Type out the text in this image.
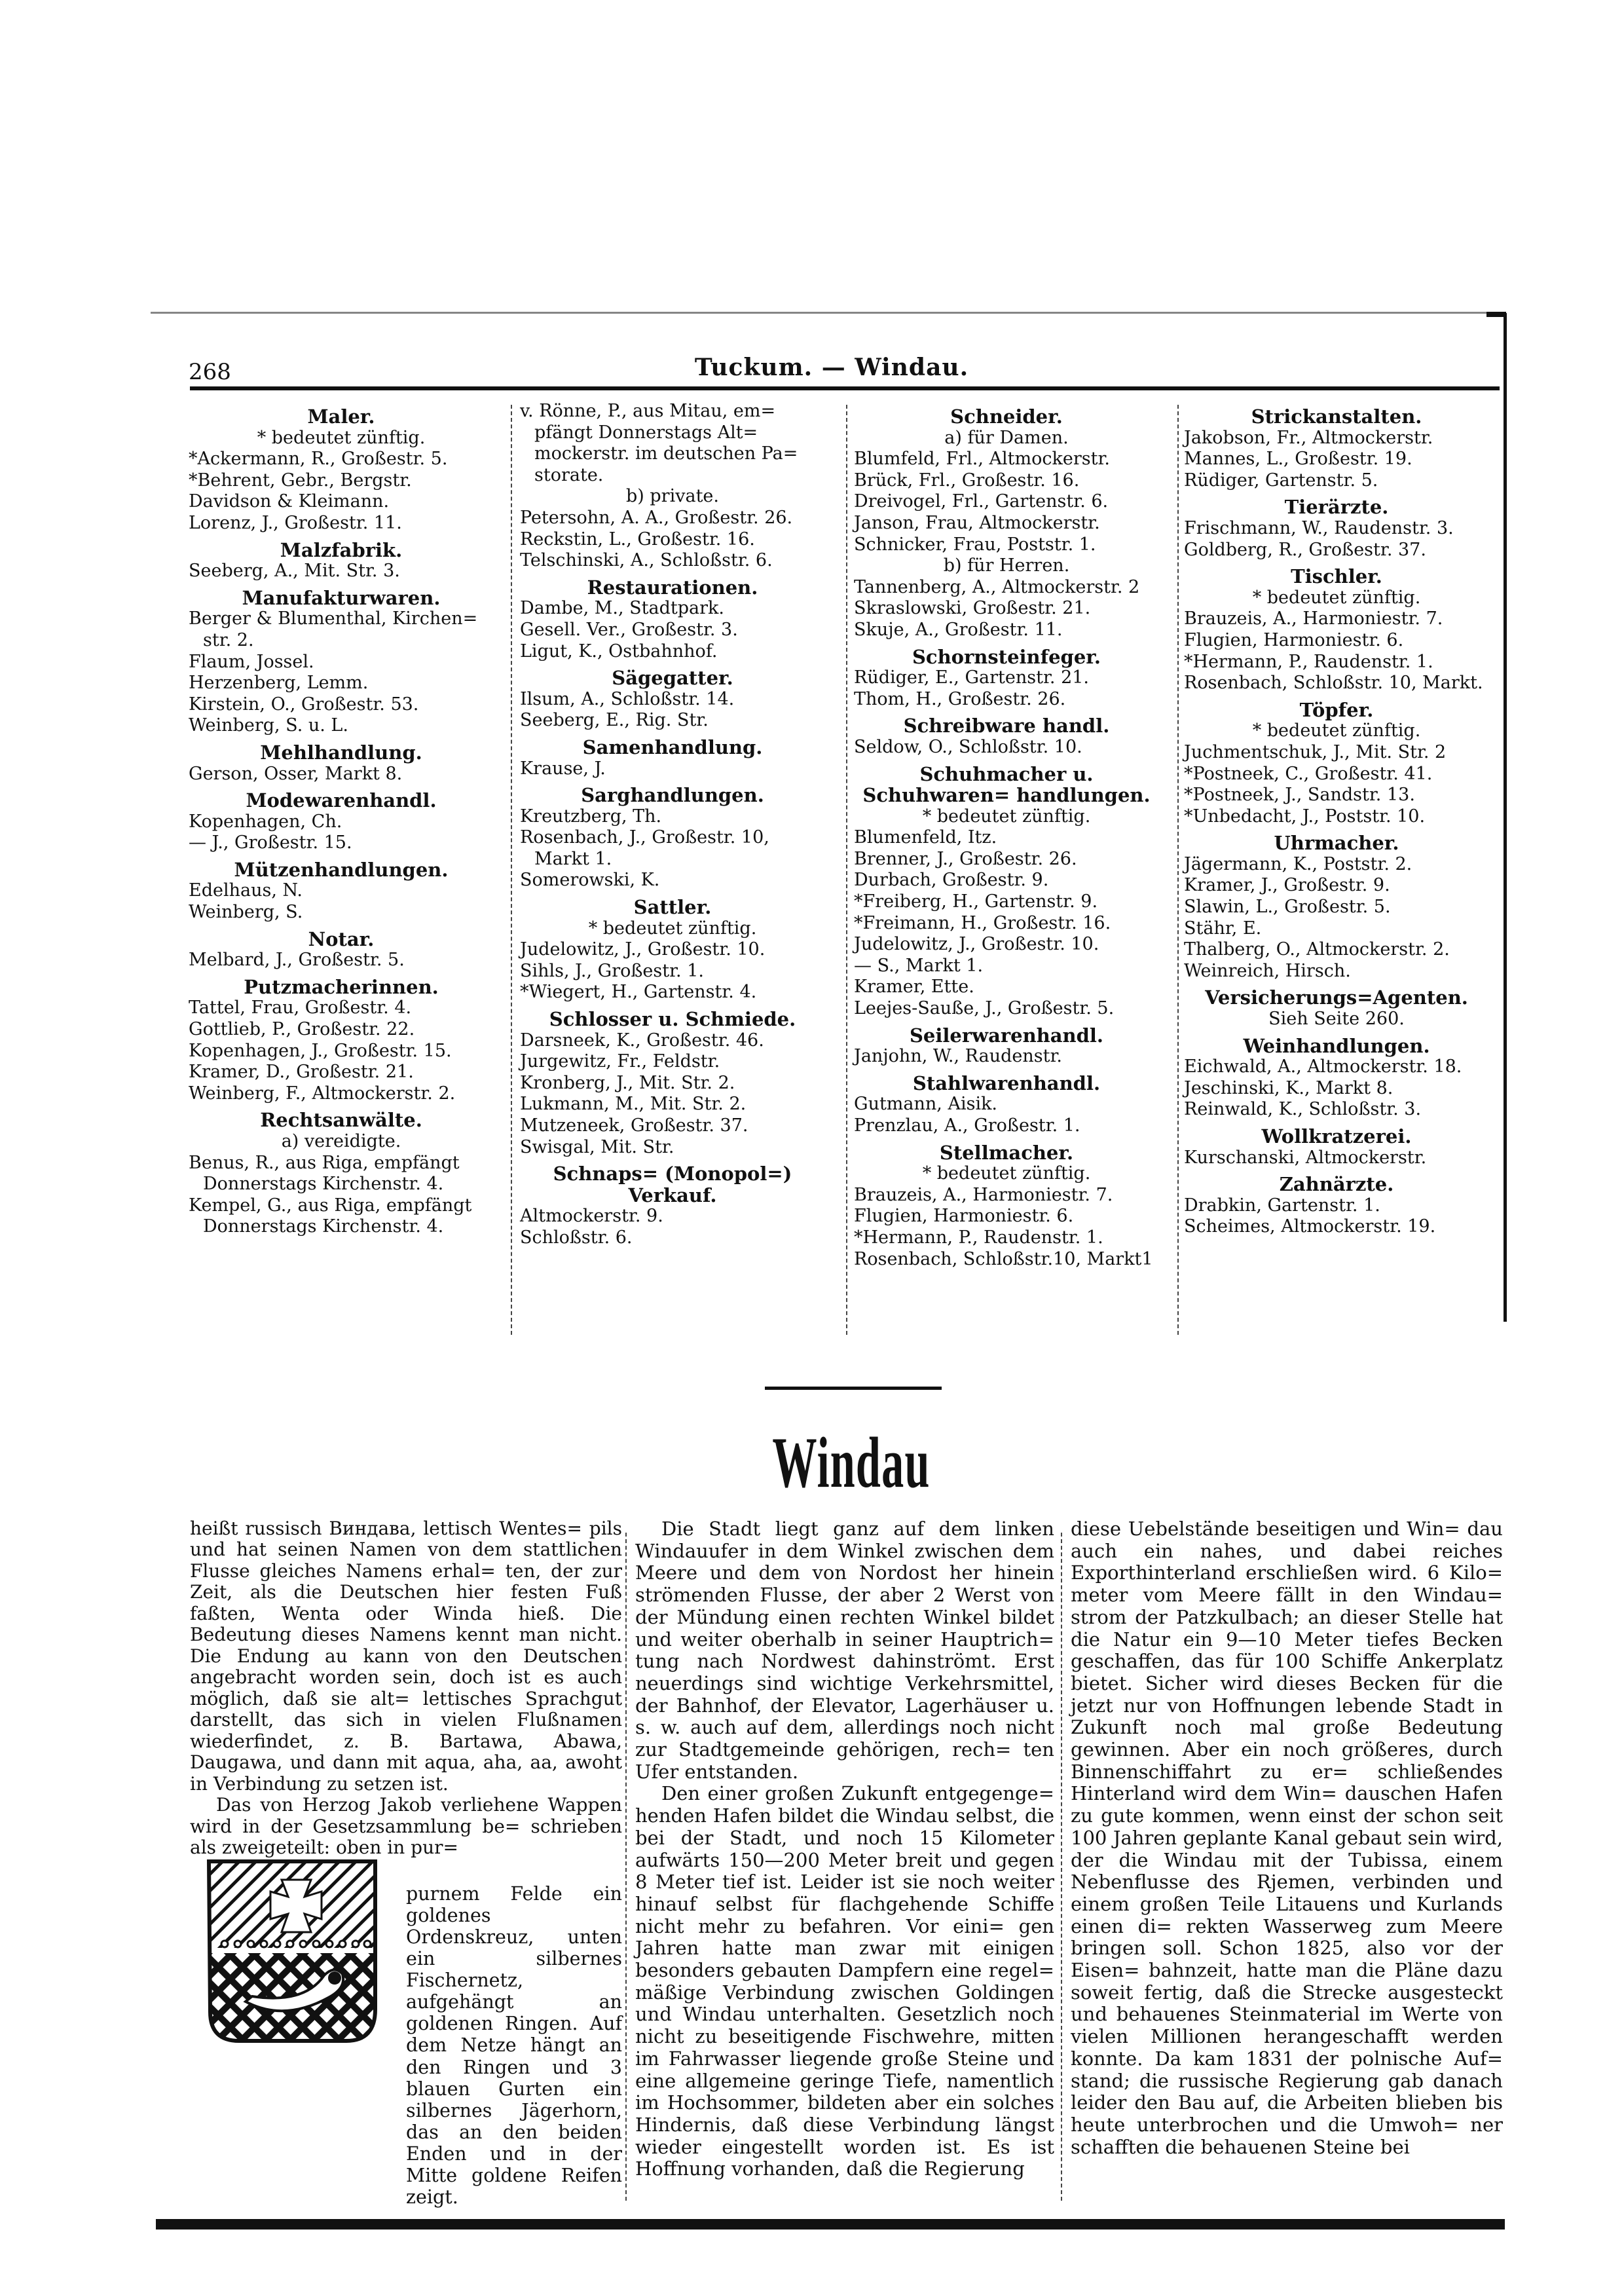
268	Tuckum. — Windau.
Maler.
* bedeutet zünftig.
*Ackermann, R., Großestr. 5.
*Behrent, Gebr., Bergstr.
Davidson & Kleimann.
Lorenz, J., Großestr. 11.
Malzfabrik.
Seeberg, A., Mit. Str. 3.
Manufakturwaren.
Berger & Blumenthal, Kirchen= str. 2.
Flaum, Jossel.
Herzenberg, Lemm.
Kirstein, O., Großestr. 53.
Weinberg, S. u. L.
Mehlhandlung.
Gerson, Osser, Markt 8.
Modewarenhandl.
Kopenhagen, Ch.
— J., Großestr. 15.
Mützenhandlungen.
Edelhaus, N.
Weinberg, S.
Notar.
Melbard, J., Großestr. 5.
Putzmacherinnen.
Tattel, Frau, Großestr. 4.
Gottlieb, P., Großestr. 22.
Kopenhagen, J., Großestr. 15.
Kramer, D., Großestr. 21.
Weinberg, F., Altmockerstr. 2.
Rechtsanwälte.
a) vereidigte.
Benus, R., aus Riga, empfängt Donnerstags Kirchenstr. 4.
Kempel, G., aus Riga, empfängt Donnerstags Kirchenstr. 4.
v. Rönne, P., aus Mitau, em= pfängt Donnerstags Alt= mockerstr. im deutschen Pa= storate.
b) private.
Petersohn, A. A., Großestr. 26.
Reckstin, L., Großestr. 16.
Telschinski, A., Schloßstr. 6.
Restaurationen.
Dambe, M., Stadtpark.
Gesell. Ver., Großestr. 3.
Ligut, K., Ostbahnhof.
Sägegatter.
Ilsum, A., Schloßstr. 14.
Seeberg, E., Rig. Str.
Samenhandlung.
Krause, J.
Sarghandlungen.
Kreutzberg, Th.
Rosenbach, J., Großestr. 10, Markt 1.
Somerowski, K.
Sattler.
* bedeutet zünftig.
Judelowitz, J., Großestr. 10.
Sihls, J., Großestr. 1.
*Wiegert, H., Gartenstr. 4.
Schlosser u. Schmiede.
Darsneek, K., Großestr. 46.
Jurgewitz, Fr., Feldstr.
Kronberg, J., Mit. Str. 2.
Lukmann, M., Mit. Str. 2.
Mutzeneek, Großestr. 37.
Swisgal, Mit. Str.
Schnaps= (Monopol=) Verkauf.
Altmockerstr. 9.
Schloßstr. 6.
Schneider.
a) für Damen.
Blumfeld, Frl., Altmockerstr.
Brück, Frl., Großestr. 16.
Dreivogel, Frl., Gartenstr. 6.
Janson, Frau, Altmockerstr.
Schnicker, Frau, Poststr. 1.
b) für Herren.
Tannenberg, A., Altmockerstr. 2
Skraslowski, Großestr. 21.
Skuje, A., Großestr. 11.
Schornsteinfeger.
Rüdiger, E., Gartenstr. 21.
Thom, H., Großestr. 26.
Schreibware handl.
Seldow, O., Schloßstr. 10.
Schuhmacher u. Schuhwaren= handlungen.
* bedeutet zünftig.
Blumenfeld, Itz.
Brenner, J., Großestr. 26.
Durbach, Großestr. 9.
*Freiberg, H., Gartenstr. 9.
*Freimann, H., Großestr. 16.
Judelowitz, J., Großestr. 10.
— S., Markt 1.
Kramer, Ette.
Leejes-Sauße, J., Großestr. 5.
Seilerwarenhandl.
Janjohn, W., Raudenstr.
Stahlwarenhandl.
Gutmann, Aisik.
Prenzlau, A., Großestr. 1.
Stellmacher.
* bedeutet zünftig.
Brauzeis, A., Harmoniestr. 7.
Flugien, Harmoniestr. 6.
*Hermann, P., Raudenstr. 1.
Rosenbach, Schloßstr.10, Markt1
Strickanstalten.
Jakobson, Fr., Altmockerstr.
Mannes, L., Großestr. 19.
Rüdiger, Gartenstr. 5.
Tierärzte.
Frischmann, W., Raudenstr. 3.
Goldberg, R., Großestr. 37.
Tischler.
* bedeutet zünftig.
Brauzeis, A., Harmoniestr. 7.
Flugien, Harmoniestr. 6.
*Hermann, P., Raudenstr. 1.
Rosenbach, Schloßstr. 10, Markt.
Töpfer.
* bedeutet zünftig.
Juchmentschuk, J., Mit. Str. 2
*Postneek, C., Großestr. 41.
*Postneek, J., Sandstr. 13.
*Unbedacht, J., Poststr. 10.
Uhrmacher.
Jägermann, K., Poststr. 2.
Kramer, J., Großestr. 9.
Slawin, L., Großestr. 5.
Stähr, E.
Thalberg, O., Altmockerstr. 2.
Weinreich, Hirsch.
Versicherungs=Agenten.
Sieh Seite 260.
Weinhandlungen.
Eichwald, A., Altmockerstr. 18.
Jeschinski, K., Markt 8.
Reinwald, K., Schloßstr. 3.
Wollkratzerei.
Kurschanski, Altmockerstr.
Zahnärzte.
Drabkin, Gartenstr. 1.
Scheimes, Altmockerstr. 19.
Windau

heißt russisch Виндава, lettisch Wentes= pils und hat seinen Namen von dem stattlichen Flusse gleiches Namens erhal= ten, der zur Zeit, als die Deutschen hier festen Fuß faßten, Wenta oder Winda hieß. Die Bedeutung dieses Namens kennt man nicht. Die Endung au kann von den Deutschen angebracht worden sein, doch ist es auch möglich, daß sie alt= lettisches Sprachgut darstellt, das sich in vielen Flußnamen wiederfindet, z. B. Bartawa, Abawa, Daugawa, und dann mit aqua, aha, aa, awoht in Verbindung zu setzen ist.

Das von Herzog Jakob verliehene Wappen wird in der Gesetzsammlung be= schrieben als zweigeteilt: oben in pur=

purnem Felde ein goldenes Ordenskreuz, unten ein silbernes Fischernetz, aufgehängt an goldenen Ringen. Auf dem Netze hängt an den Ringen und 3 blauen Gurten ein silbernes Jägerhorn, das an den beiden Enden und in der Mitte goldene Reifen zeigt.

Die Stadt liegt ganz auf dem linken Windauufer in dem Winkel zwischen dem Meere und dem von Nordost her hinein strömenden Flusse, der aber 2 Werst von der Mündung einen rechten Winkel bildet und weiter oberhalb in seiner Hauptrich= tung nach Nordwest dahinströmt. Erst neuerdings sind wichtige Verkehrsmittel, der Bahnhof, der Elevator, Lagerhäuser u. s. w. auch auf dem, allerdings noch nicht zur Stadtgemeinde gehörigen, rech= ten Ufer entstanden.

Den einer großen Zukunft entgegenge= henden Hafen bildet die Windau selbst, die bei der Stadt, und noch 15 Kilometer aufwärts 150—200 Meter breit und gegen 8 Meter tief ist. Leider ist sie noch weiter hinauf selbst für flachgehende Schiffe nicht mehr zu befahren. Vor eini= gen Jahren hatte man zwar mit einigen besonders gebauten Dampfern eine regel= mäßige Verbindung zwischen Goldingen und Windau unterhalten. Gesetzlich noch nicht zu beseitigende Fischwehre, mitten im Fahrwasser liegende große Steine und eine allgemeine geringe Tiefe, namentlich im Hochsommer, bildeten aber ein solches Hindernis, daß diese Verbindung längst wieder eingestellt worden ist. Es ist Hoffnung vorhanden, daß die Regierung

diese Uebelstände beseitigen und Win= dau auch ein nahes, und dabei reiches Exporthinterland erschließen wird. 6 Kilo= meter vom Meere fällt in den Windau= strom der Patzkulbach; an dieser Stelle hat die Natur ein 9—10 Meter tiefes Becken geschaffen, das für 100 Schiffe Ankerplatz bietet. Sicher wird dieses Becken für die jetzt nur von Hoffnungen lebende Stadt in Zukunft noch mal große Bedeutung gewinnen. Aber ein noch größeres, durch Binnenschiffahrt zu er= schließendes Hinterland wird dem Win= dauschen Hafen zu gute kommen, wenn einst der schon seit 100 Jahren geplante Kanal gebaut sein wird, der die Windau mit der Tubissa, einem Nebenflusse des Rjemen, verbinden und einem großen Teile Litauens und Kurlands einen di= rekten Wasserweg zum Meere bringen soll. Schon 1825, also vor der Eisen= bahnzeit, hatte man die Pläne dazu soweit fertig, daß die Strecke ausgesteckt und behauenes Steinmaterial im Werte von vielen Millionen herangeschafft werden konnte. Da kam 1831 der polnische Auf= stand; die russische Regierung gab danach leider den Bau auf, die Arbeiten blieben bis heute unterbrochen und die Umwoh= ner schafften die behauenen Steine bei
